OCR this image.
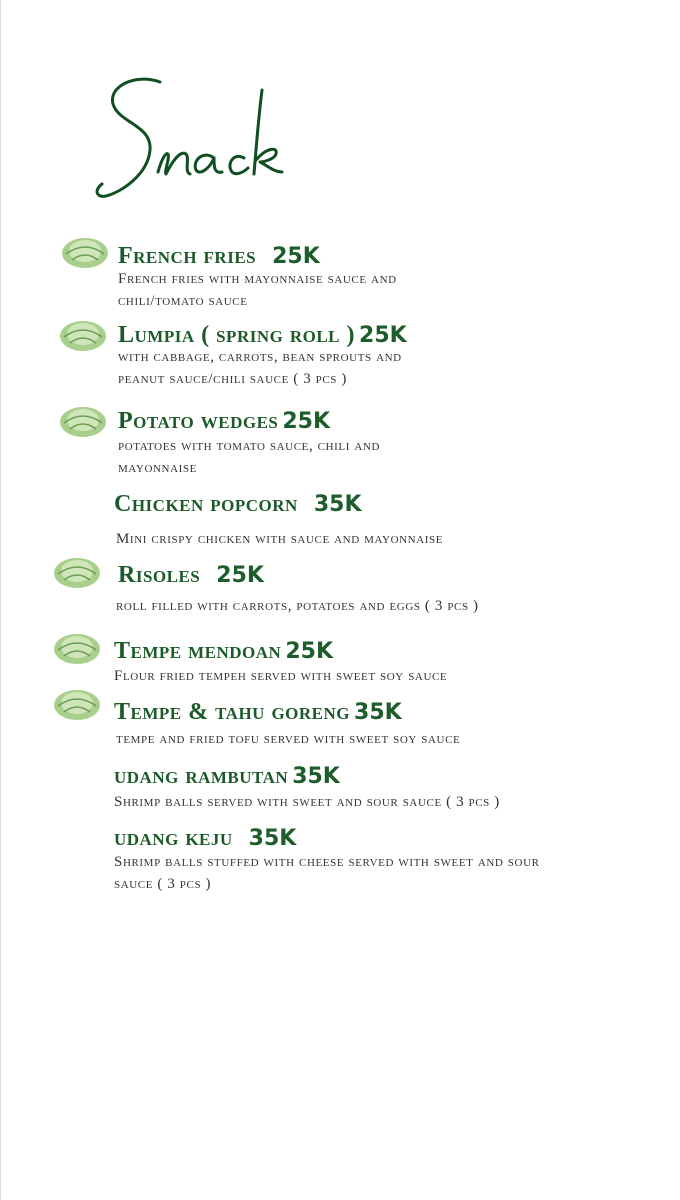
French fries 25K
French fries with mayonnaise sauce and
chili/tomato sauce
Lumpia ( spring roll ) 25K
with cabbage, carrots, bean sprouts and
peanut sauce/chili sauce ( 3 pcs )
Potato wedges 25K
potatoes with tomato sauce, chili and
mayonnaise
Chicken popcorn 35K
Mini crispy chicken with sauce and mayonnaise
Risoles 25K
roll filled with carrots, potatoes and eggs ( 3 pcs )
Tempe mendoan 25K
Flour fried tempeh served with sweet soy sauce
Tempe & tahu goreng 35K
tempe and fried tofu served with sweet soy sauce
udang rambutan 35K
Shrimp balls served with sweet and sour sauce ( 3 pcs )
udang keju 35K
Shrimp balls stuffed with cheese served with sweet and sour
sauce ( 3 pcs )
